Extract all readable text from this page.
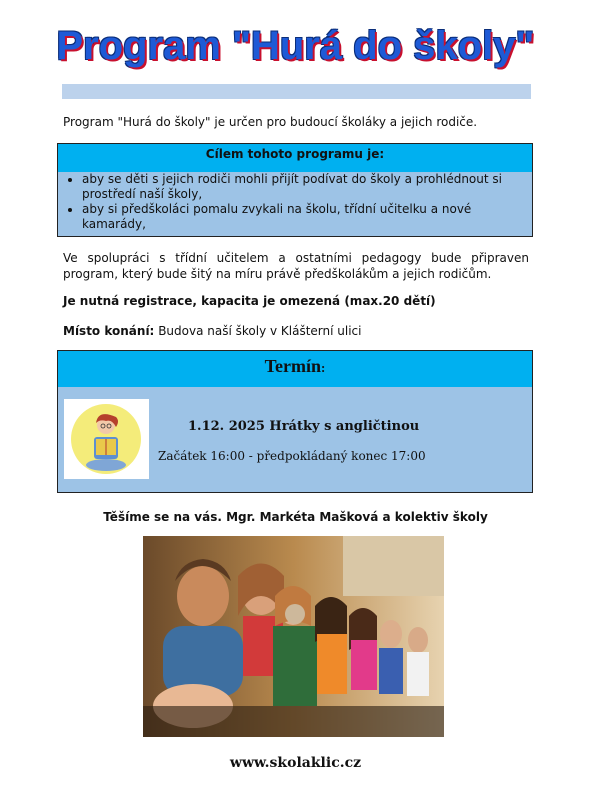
Program "Hurá do školy"
Program "Hurá do školy" je určen pro budoucí školáky a jejich rodiče.
Cílem tohoto programu je:
• aby se děti s jejich rodiči mohli přijít podívat do školy a prohlédnout si prostředí naší školy,
• aby si předškoláci pomalu zvykali na školu, třídní učitelku a nové kamarády,
Ve spolupráci s třídní učitelem a ostatními pedagogy bude připraven program, který bude šitý na míru právě předškolákům a jejich rodičům.
Je nutná registrace, kapacita je omezená (max.20 dětí)
Místo konání: Budova naší školy v Klášterní ulici
Termín:
1.12. 2025 Hrátky s angličtinou
Začátek 16:00 - předpokládaný konec 17:00
Těšíme se na vás. Mgr. Markéta Mašková a kolektiv školy
www.skolaklic.cz
